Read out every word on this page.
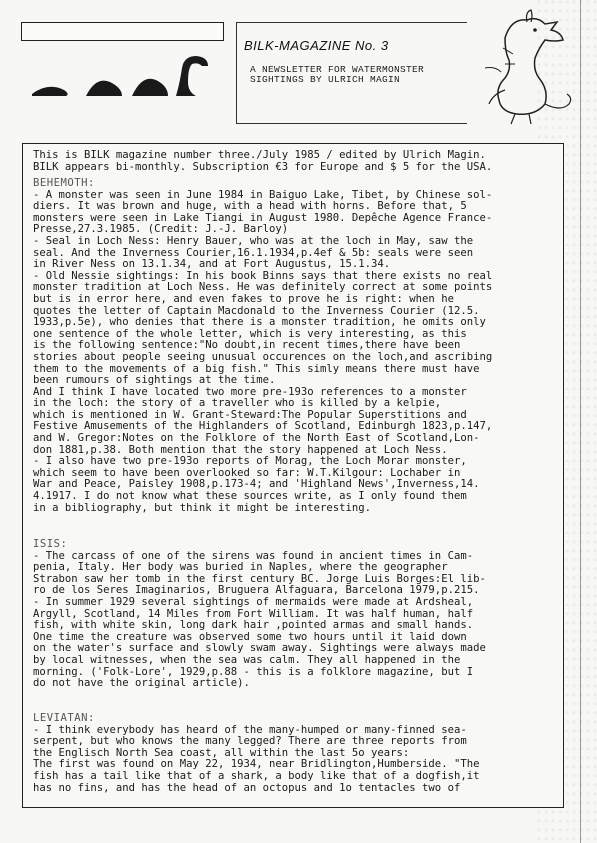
BILK-MAGAZINE No. 3
A NEWSLETTER FOR WATERMONSTER
SIGHTINGS BY ULRICH MAGIN
This is BILK magazine number three./July 1985 / edited by Ulrich Magin.
BILK appears bi-monthly. Subscription €3 for Europe and $ 5 for the USA.
BEHEMOTH:
- A monster was seen in June 1984 in Baiguo Lake, Tibet, by Chinese sol-
diers. It was brown and huge, with a head with horns. Before that, 5
monsters were seen in Lake Tiangi in August 1980. Depêche Agence France-
Presse,27.3.1985. (Credit: J.-J. Barloy)
- Seal in Loch Ness: Henry Bauer, who was at the loch in May, saw the
seal. And the Inverness Courier,16.1.1934,p.4ef & 5b: seals were seen
in River Ness on 13.1.34, and at Fort Augustus, 15.1.34.
- Old Nessie sightings: In his book Binns says that there exists no real
monster tradition at Loch Ness. He was definitely correct at some points
but is in error here, and even fakes to prove he is right: when he
quotes the letter of Captain Macdonald to the Inverness Courier (12.5.
1933,p.5e), who denies that there is a monster tradition, he omits only
one sentence of the whole letter, which is very interesting, as this
is the following sentence:"No doubt,in recent times,there have been
stories about people seeing unusual occurences on the loch,and ascribing
them to the movements of a big fish." This simly means there must have
been rumours of sightings at the time.
And I think I have located two more pre-193o references to a monster
in the loch: the story of a traveller who is killed by a kelpie,
which is mentioned in W. Grant-Steward:The Popular Superstitions and
Festive Amusements of the Highlanders of Scotland, Edinburgh 1823,p.147,
and W. Gregor:Notes on the Folklore of the North East of Scotland,Lon-
don 1881,p.38. Both mention that the story happened at Loch Ness.
- I also have two pre-193o reports of Morag, the Loch Morar monster,
which seem to have been overlooked so far: W.T.Kilgour: Lochaber in
War and Peace, Paisley 1908,p.173-4; and 'Highland News',Inverness,14.
4.1917. I do not know what these sources write, as I only found them
in a bibliography, but think it might be interesting.
ISIS:
- The carcass of one of the sirens was found in ancient times in Cam-
penia, Italy. Her body was buried in Naples, where the geographer
Strabon saw her tomb in the first century BC. Jorge Luis Borges:El lib-
ro de los Seres Imaginarios, Bruguera Alfaguara, Barcelona 1979,p.215.
- In summer 1929 several sightings of mermaids were made at Ardsheal,
Argyll, Scotland, 14 Miles from Fort William. It was half human, half
fish, with white skin, long dark hair ,pointed armas and small hands.
One time the creature was observed some two hours until it laid down
on the water's surface and slowly swam away. Sightings were always made
by local witnesses, when the sea was calm. They all happened in the
morning. ('Folk-Lore', 1929,p.88 - this is a folklore magazine, but I
do not have the original article).
LEVIATAN:
- I think everybody has heard of the many-humped or many-finned sea-
serpent, but who knows the many legged? There are three reports from
the Englisch North Sea coast, all within the last 5o years:
The first was found on May 22, 1934, near Bridlington,Humberside. "The
fish has a tail like that of a shark, a body like that of a dogfish,it
has no fins, and has the head of an octopus and 1o tentacles two of
